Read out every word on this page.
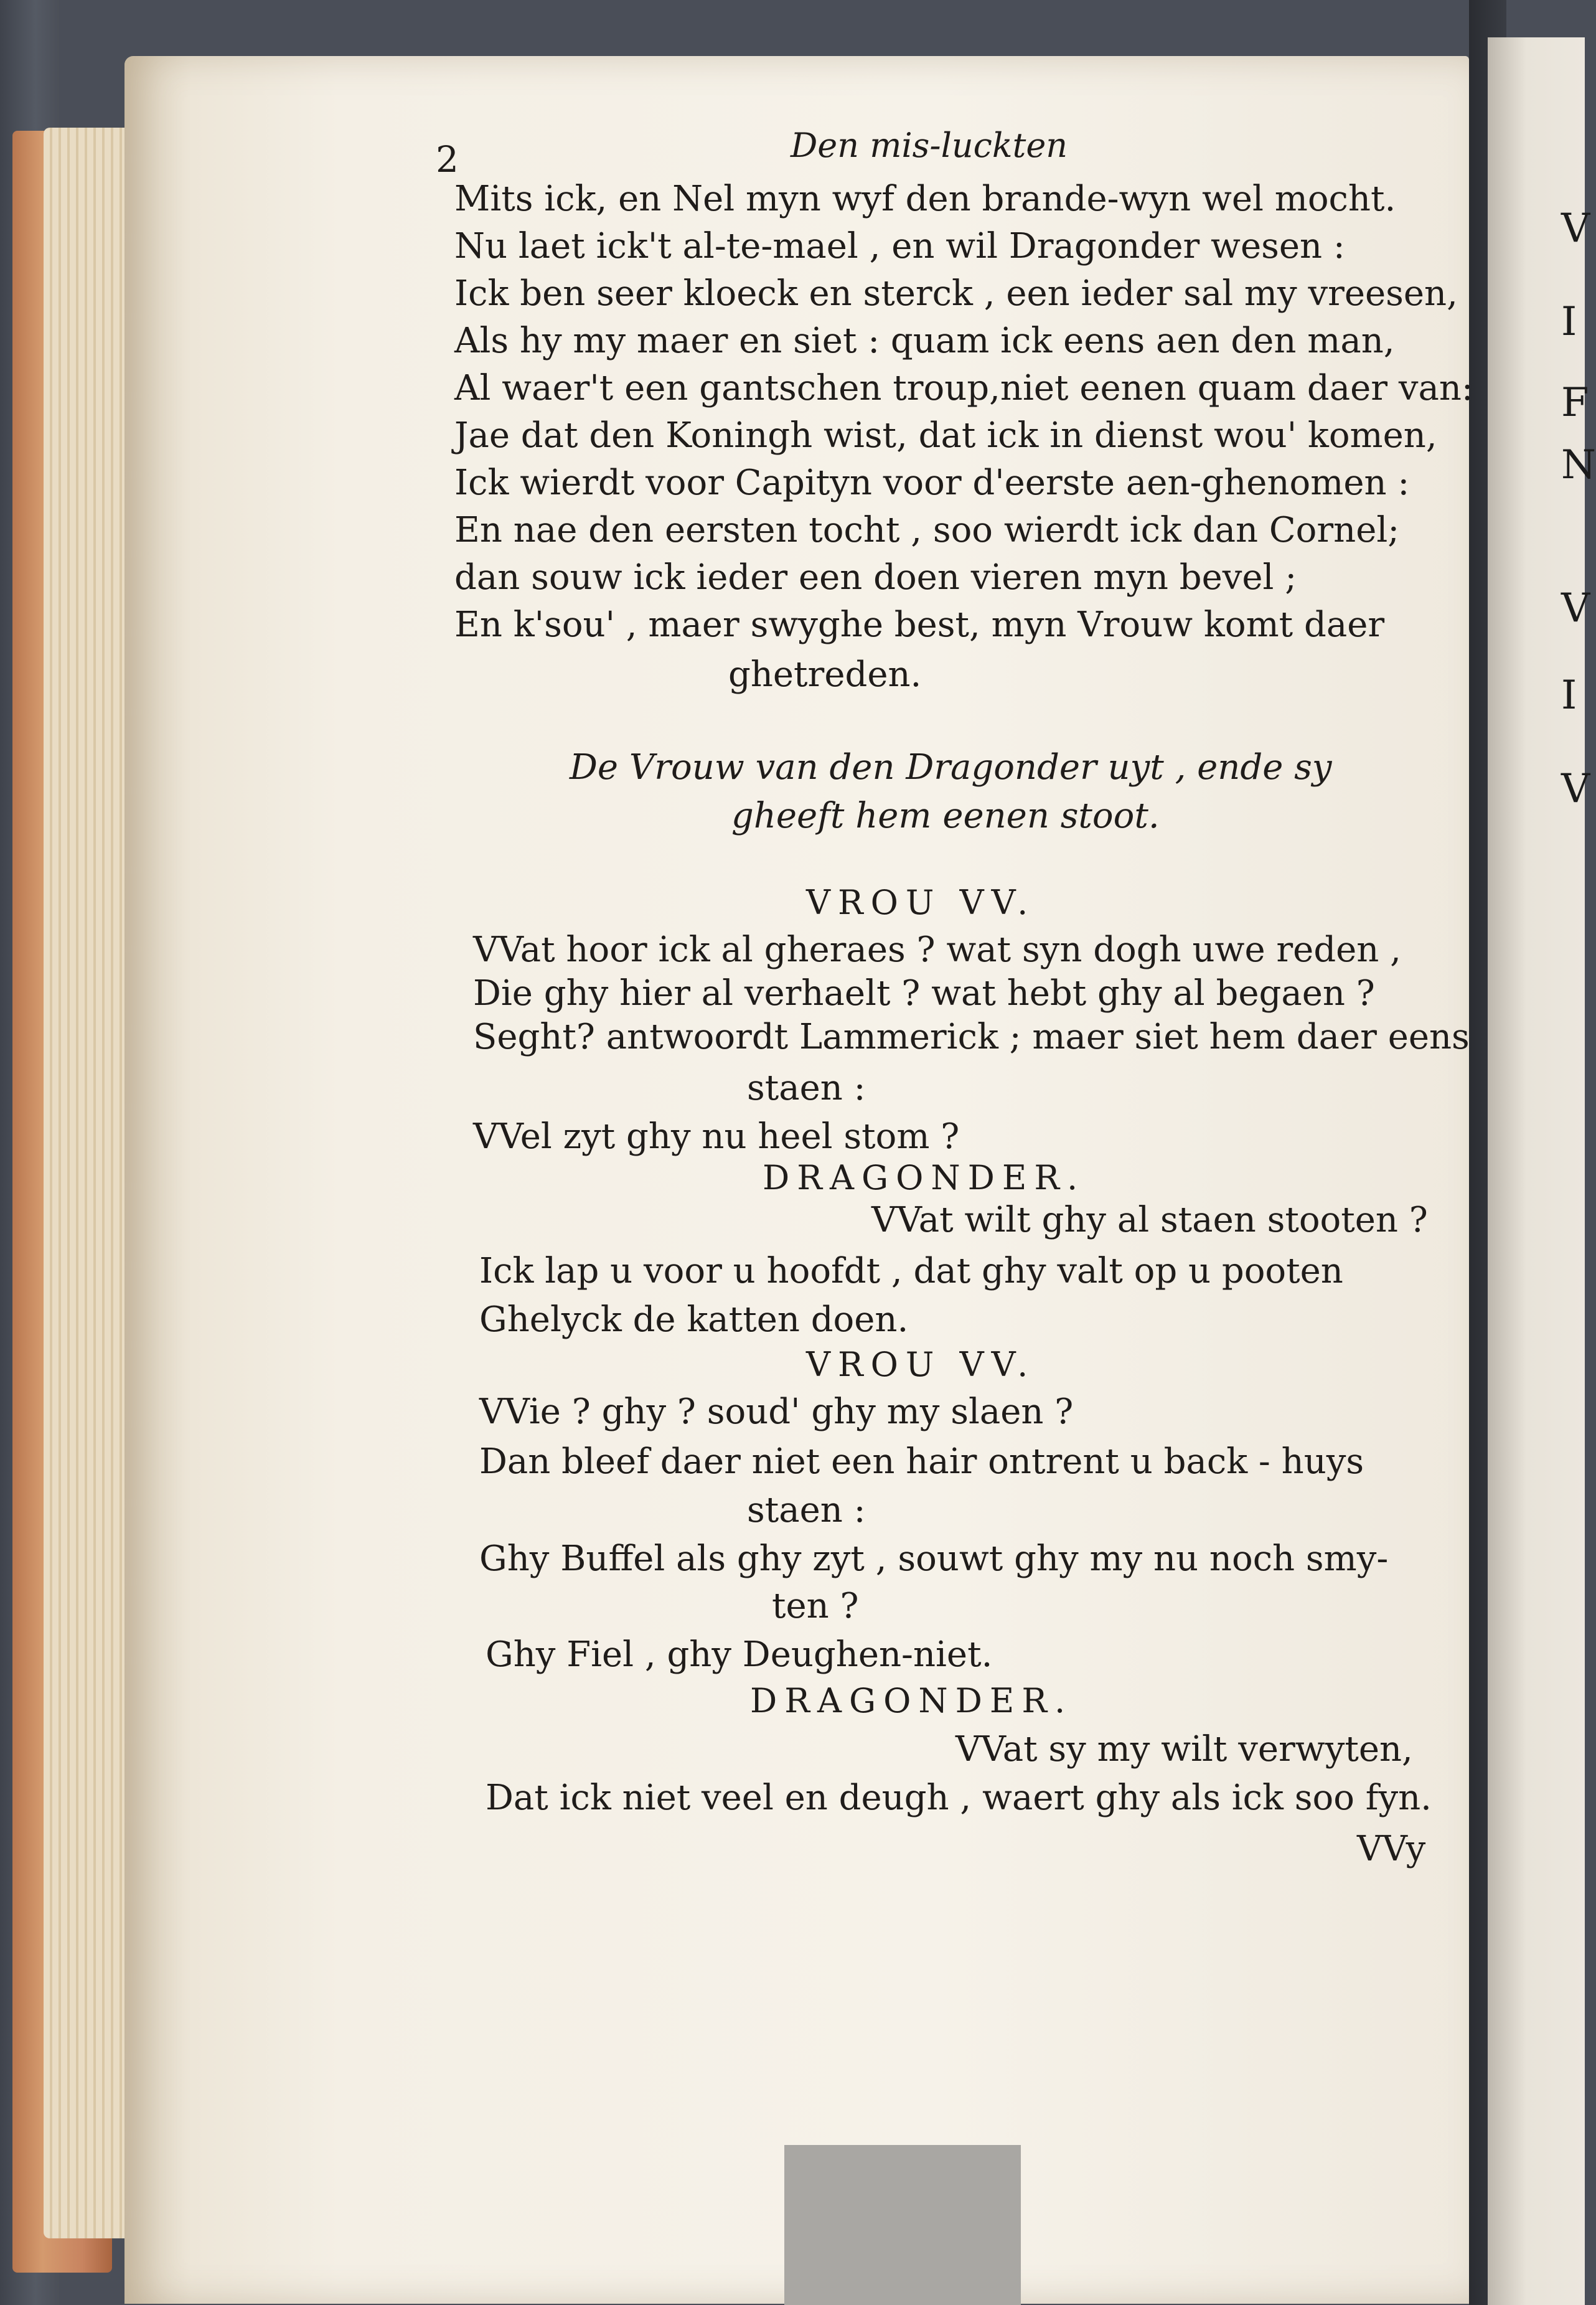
V
I
F
N
V
I
V
2	Den mis-luckten
Mits ick, en Nel myn wyf den brande-wyn wel mocht.
Nu laet ick't al-te-mael , en wil Dragonder wesen :
Ick ben seer kloeck en sterck , een ieder sal my vreesen,
Als hy my maer en siet : quam ick eens aen den man,
Al waer't een gantschen troup,niet eenen quam daer van:
Jae dat den Koningh wist, dat ick in dienst wou' komen,
Ick wierdt voor Capityn voor d'eerste aen-ghenomen :
En nae den eersten tocht , soo wierdt ick dan Cornel;
dan souw ick ieder een doen vieren myn bevel ;
En k'sou' , maer swyghe best, myn Vrouw komt daer
ghetreden.
De Vrouw van den Dragonder uyt , ende sy
gheeft hem eenen stoot.
VROU VV.
VVat hoor ick al gheraes ? wat syn dogh uwe reden ,
Die ghy hier al verhaelt ? wat hebt ghy al begaen ?
Seght? antwoordt Lammerick ; maer siet hem daer eens
staen :
VVel zyt ghy nu heel stom ?
DRAGONDER.
VVat wilt ghy al staen stooten ?
Ick lap u voor u hoofdt , dat ghy valt op u pooten
Ghelyck de katten doen.
VROU VV.
VVie ? ghy ? soud' ghy my slaen ?
Dan bleef daer niet een hair ontrent u back - huys
staen :
Ghy Buffel als ghy zyt , souwt ghy my nu noch smy-
ten ?
Ghy Fiel , ghy Deughen-niet.
DRAGONDER.
VVat sy my wilt verwyten,
Dat ick niet veel en deugh , waert ghy als ick soo fyn.
VVy
